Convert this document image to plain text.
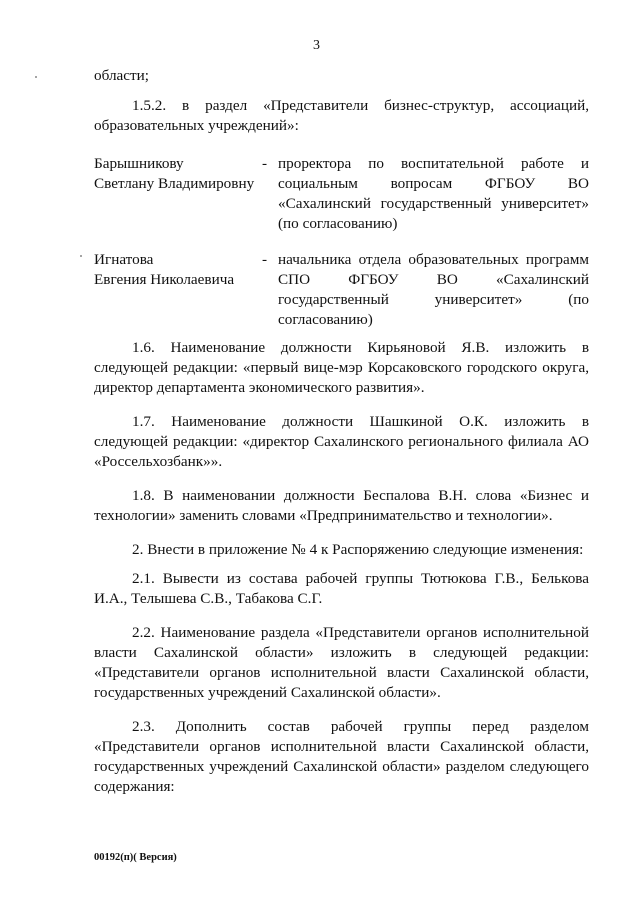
3

области;

1.5.2. в раздел «Представители бизнес-структур, ассоциаций, образовательных учреждений»:

Барышникову
Светлану Владимировну
- проректора по воспитательной работе и социальным вопросам ФГБОУ ВО «Сахалинский государственный университет» (по согласованию)
Игнатова
Евгения Николаевича
- начальника отдела образовательных программ СПО ФГБОУ ВО «Сахалинский государственный университет» (по согласованию)

1.6. Наименование должности Кирьяновой Я.В. изложить в следующей редакции: «первый вице-мэр Корсаковского городского округа, директор департамента экономического развития».

1.7. Наименование должности Шашкиной О.К. изложить в следующей редакции: «директор Сахалинского регионального филиала АО «Россельхозбанк»».

1.8. В наименовании должности Беспалова В.Н. слова «Бизнес и технологии» заменить словами «Предпринимательство и технологии».

2. Внести в приложение № 4 к Распоряжению следующие изменения:

2.1. Вывести из состава рабочей группы Тютюкова Г.В., Белькова И.А., Телышева С.В., Табакова С.Г.

2.2. Наименование раздела «Представители органов исполнительной власти Сахалинской области» изложить в следующей редакции: «Представители органов исполнительной власти Сахалинской области, государственных учреждений Сахалинской области».

2.3. Дополнить состав рабочей группы перед разделом «Представители органов исполнительной власти Сахалинской области, государственных учреждений Сахалинской области» разделом следующего содержания:

00192(п)( Версия)
